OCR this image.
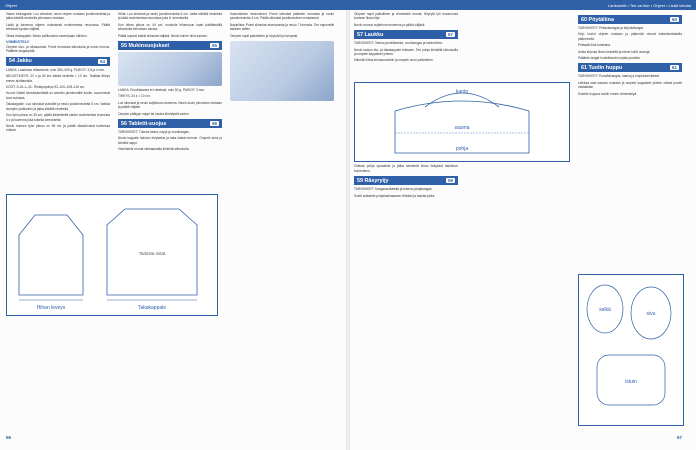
Ohjeet	Lankanetti • Tee-se-itse • Ohjeet • Lisää ideoita

Vasen etukappale: Luo silmukat, neulo ohjeen mukaan joustinneuletta ja jatka sileällä neuleella piirroksen mukaan.

Lisää ja kavenna ohjeen mukaisesti molemmissa reunoissa. Päätä silmukat lopuksi väljästi.

Oikea etukappale: Neulo peilikuvana vasempaan nähden.

VIIMEISTELY

Ompele sivu- ja olkasaumat. Poimi reunoista silmukoita ja neulo reunus. Päättele langanpäät.

54 Jakku	54

LANKA: Laadukas villasekoite, noin 350–400 g. PUIKOT: 3,5 ja 4 mm.

NEULETIHEYS: 22 s ja 30 krs sileää neuletta = 10 cm. Tarkista tiheys ennen aloittamista.

KOOT: S–M–L–XL. Rintaympärys 92–100–108–116 cm.

Huom! Kaikki silmukkamäärät on annettu pienimmälle koolle, suuremmat koot suluissa.

Takakappale: Luo silmukat puikoille ja neulo joustinneuletta 5 cm. Vaihda isompiin puikkoihin ja jatka sileällä neuleella.

Kun työn pituus on 35 cm, päätä kädentieitä varten molemmista reunoista 4 s ja kavenna joka toisella kerroksella.

Neulo kunnes työn pituus on 56 cm ja päätä olkasilmukat kolmessa erässä.

Hihat: Luo silmukat ja neulo joustinneuletta 6 cm. Jatka sileällä neuleella ja lisää molemmissa reunoissa joka 8. kerroksella.

Kun hihan pituus on 44 cm, muotoile hihansuun kaari päättämällä silmukoita kerroksen alussa.

Päätä lopuksi kaikki silmukat väljästi. Neulo toinen hiha samoin.

55 Mukinsuojukset	55

LANKA: Puuvillalanka eri väreissä, noin 50 g. PUIKOT: 3 mm.

TIHEYS: 24 s = 10 cm.

Luo silmukat ja neulo suljettuna neuleena. Neulo kuvio piirroksen mukaan ja päätä väljästi.

Ompele päätyyn nappi tai nauha kiinnitystä varten.

56 Tabletti-suojus	56

TARVIKKEET: Tukeva lanka, nappi ja vuorikangas.

Neulo kappale halutun levyiseksi ja taita kaksin kerroin. Ompele sivut ja kiinnitä nappi.

Viimeistele reunat virkkaamalla kiinteitä silmukoita.

Kaarrokkeen neulominen: Poimi silmukat pääntien reunasta ja neulo joustinneuletta 3 cm. Päätä silmukat joustinneuleen mukaisesti.

Napinlista: Poimi silmukat etureunasta ja neulo 7 kerrosta. Tee napinreiät tasaisin välein.

Ompele napit paikoilleen ja höyrytä työ kevyesti.

Hihan leveys	Takakappale
Tarkista mitat
56

Ompele napit paikoilleen ja viimeistele reunat. Höyrytä työ muotoonsa kostean liinan läpi.

Neulo reunus suljettuna neuleena ja päätä väljästi.

57 Laukku	57

TARVIKKEET: Vahva puuvillalanka, vuorikangas ja kantohihna.

Neulo laukun etu- ja takakappale erikseen. Tee pohja kiinteillä silmukoilla ja ompele kappaleet yhteen.

Kiinnitä hihna sivusaumoihin ja ompele vuori paikoilleen.

Virkkaa pohja spiraalina ja jatka seinämiä ilman lisäyksiä haluttuun korkeuteen.

59 Räsyryijy	59

TARVIKKEET: Kangassuikaleita ja tukeva pohjakangas.

Solmi suikaleet pohjakankaaseen tiheään ja tasoita pinta.

60 Pöytäliina	60

TARVIKKEET: Pellavakangas ja kirjontalangat.

Kirjo kuviot ohjeen mukaan ja päärmää reunat kaksinkertaisella päärmeellä.

Prässää liina kosteana.

Aloita kirjonta liinan keskeltä ja etene kohti reunoja.

Päättele langat huolellisesti nurjalla puolella.

61 Tuolin huppu	61

TARVIKKEET: Puuvillakangas, kaava ja ompelutarvikkeet.

Leikkaa osat kaavan mukaan ja ompele kappaleet yhteen oikeat puolet vastakkain.

Kokeile huppua tuoliin ennen viimeistelyä.

kanto
sauma
pohja
selkä
sivu
istuin
57
